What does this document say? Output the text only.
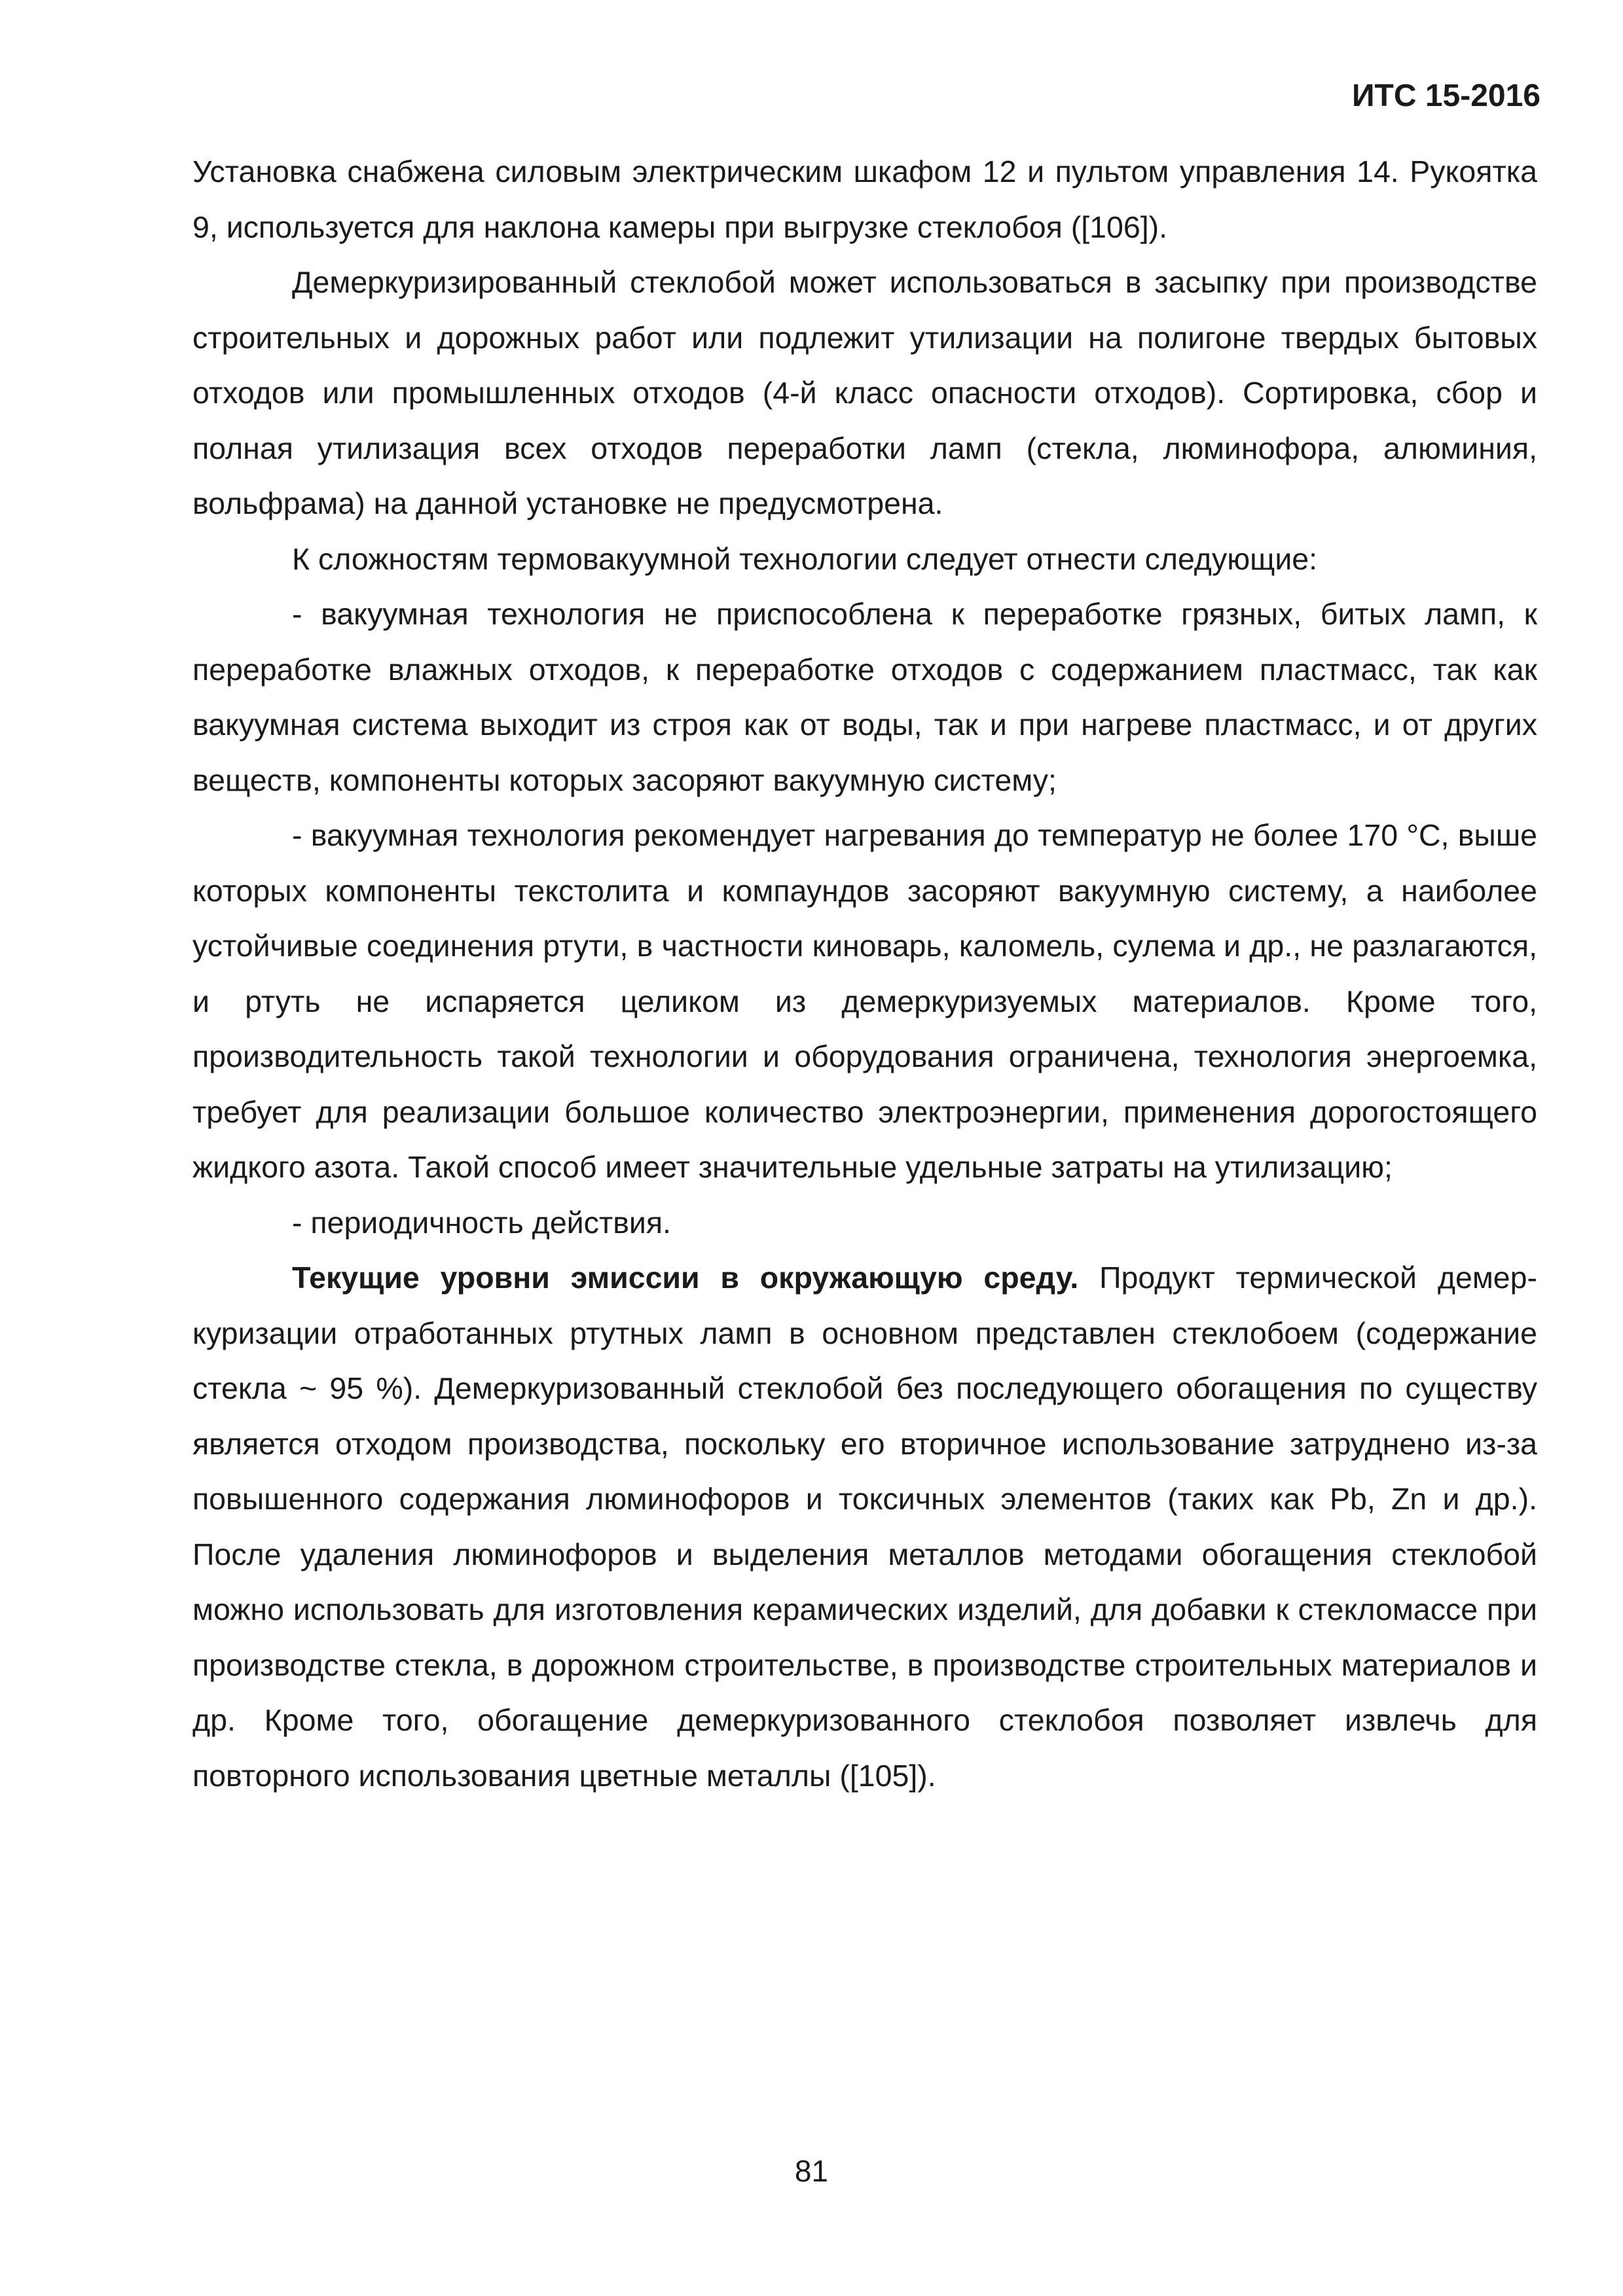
ИТС 15-2016

Установка снабжена силовым электрическим шкафом 12 и пультом управления 14. Рукоятка 9, используется для наклона камеры при выгрузке стеклобоя ([106]).

Демеркуризированный стеклобой может использоваться в засыпку при производстве строительных и дорожных работ или подлежит утилизации на полигоне твердых бытовых отходов или промышленных отходов (4-й класс опасности отходов). Сортировка, сбор и полная утилизация всех отходов переработки ламп (стекла, люминофора, алюминия, вольфрама) на данной установке не предусмотрена.

К сложностям термовакуумной технологии следует отнести следующие:

- вакуумная технология не приспособлена к переработке грязных, битых ламп, к переработке влажных отходов, к переработке отходов с содержанием пластмасс, так как вакуумная система выходит из строя как от воды, так и при нагреве пластмасс, и от других веществ, компоненты которых засоряют вакуумную систему;

- вакуумная технология рекомендует нагревания до температур не более 170 °С, выше которых компоненты текстолита и компаундов засоряют вакуумную систему, а наиболее устойчивые соединения ртути, в частности киноварь, каломель, сулема и др., не разлагаются, и ртуть не испаряется целиком из демеркуризуемых материалов. Кроме того, производительность такой технологии и оборудования ограничена, технология энергоемка, требует для реализации большое количество электроэнергии, применения дорогостоящего жидкого азота. Такой способ имеет значительные удельные затраты на утилизацию;

- периодичность действия.

Текущие уровни эмиссии в окружающую среду. Продукт термической демеркуризации отработанных ртутных ламп в основном представлен стеклобоем (содержание стекла ~ 95 %). Демеркуризованный стеклобой без последующего обогащения по существу является отходом производства, поскольку его вторичное использование затруднено из-за повышенного содержания люминофоров и токсичных элементов (таких как Pb, Zn и др.). После удаления люминофоров и выделения металлов методами обогащения стеклобой можно использовать для изготовления керамических изделий, для добавки к стекломассе при производстве стекла, в дорожном строительстве, в производстве строительных материалов и др. Кроме того, обогащение демеркуризованного стеклобоя позволяет извлечь для повторного использования цветные металлы ([105]).

81
